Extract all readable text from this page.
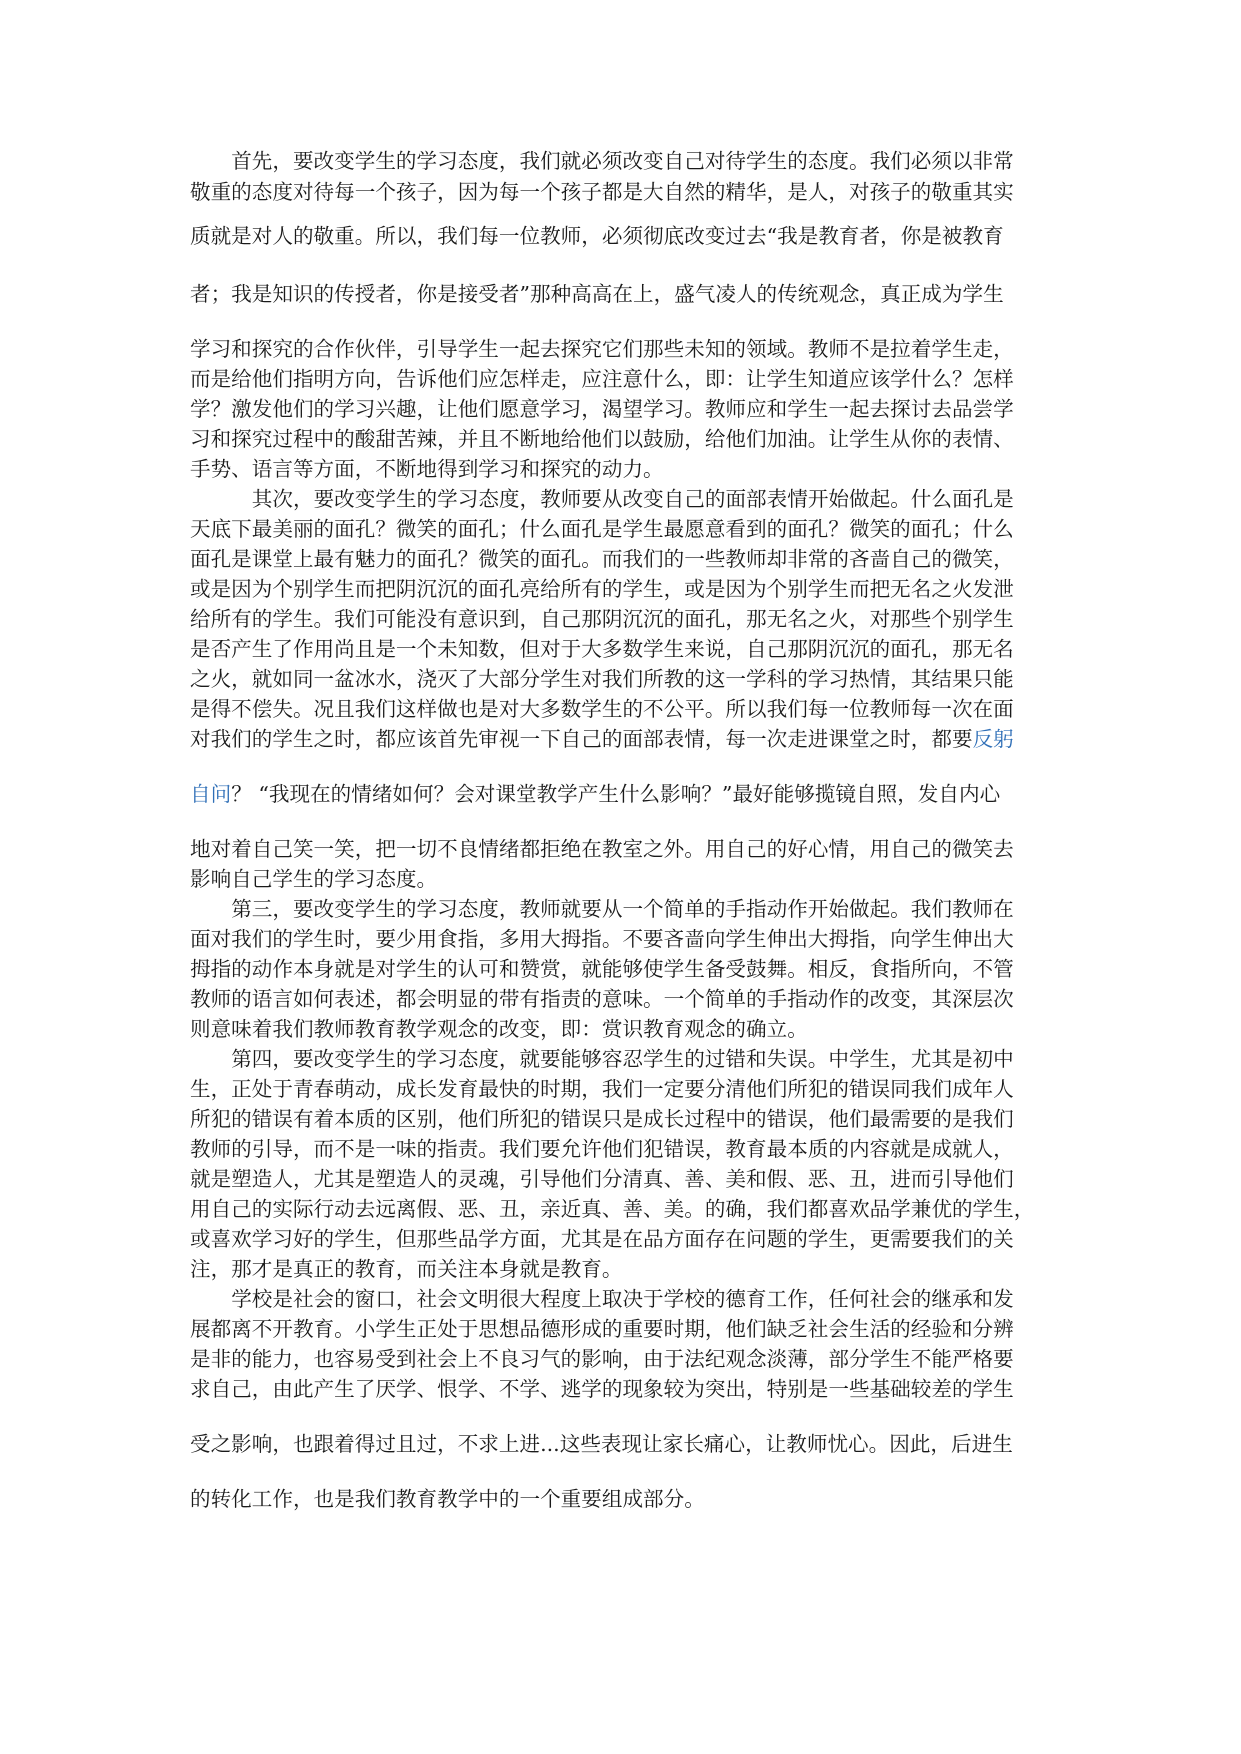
首先，要改变学生的学习态度，我们就必须改变自己对待学生的态度。我们必须以非常
敬重的态度对待每一个孩子，因为每一个孩子都是大自然的精华，是人，对孩子的敬重其实
质就是对人的敬重。所以，我们每一位教师，必须彻底改变过去“我是教育者，你是被教育
者；我是知识的传授者，你是接受者”那种高高在上，盛气凌人的传统观念，真正成为学生
学习和探究的合作伙伴，引导学生一起去探究它们那些未知的领域。教师不是拉着学生走，
而是给他们指明方向，告诉他们应怎样走，应注意什么，即：让学生知道应该学什么？怎样
学？激发他们的学习兴趣，让他们愿意学习，渴望学习。教师应和学生一起去探讨去品尝学
习和探究过程中的酸甜苦辣，并且不断地给他们以鼓励，给他们加油。让学生从你的表情、
手势、语言等方面，不断地得到学习和探究的动力。
其次，要改变学生的学习态度，教师要从改变自己的面部表情开始做起。什么面孔是
天底下最美丽的面孔？微笑的面孔；什么面孔是学生最愿意看到的面孔？微笑的面孔；什么
面孔是课堂上最有魅力的面孔？微笑的面孔。而我们的一些教师却非常的吝啬自己的微笑，
或是因为个别学生而把阴沉沉的面孔亮给所有的学生，或是因为个别学生而把无名之火发泄
给所有的学生。我们可能没有意识到，自己那阴沉沉的面孔，那无名之火，对那些个别学生
是否产生了作用尚且是一个未知数，但对于大多数学生来说，自己那阴沉沉的面孔，那无名
之火，就如同一盆冰水，浇灭了大部分学生对我们所教的这一学科的学习热情，其结果只能
是得不偿失。况且我们这样做也是对大多数学生的不公平。所以我们每一位教师每一次在面
对我们的学生之时，都应该首先审视一下自己的面部表情，每一次走进课堂之时，都要反躬
自问？ “我现在的情绪如何？会对课堂教学产生什么影响？”最好能够揽镜自照，发自内心
地对着自己笑一笑，把一切不良情绪都拒绝在教室之外。用自己的好心情，用自己的微笑去
影响自己学生的学习态度。
第三，要改变学生的学习态度，教师就要从一个简单的手指动作开始做起。我们教师在
面对我们的学生时，要少用食指，多用大拇指。不要吝啬向学生伸出大拇指，向学生伸出大
拇指的动作本身就是对学生的认可和赞赏，就能够使学生备受鼓舞。相反，食指所向，不管
教师的语言如何表述，都会明显的带有指责的意味。一个简单的手指动作的改变，其深层次
则意味着我们教师教育教学观念的改变，即：赏识教育观念的确立。
第四，要改变学生的学习态度，就要能够容忍学生的过错和失误。中学生，尤其是初中
生，正处于青春萌动，成长发育最快的时期，我们一定要分清他们所犯的错误同我们成年人
所犯的错误有着本质的区别，他们所犯的错误只是成长过程中的错误，他们最需要的是我们
教师的引导，而不是一味的指责。我们要允许他们犯错误，教育最本质的内容就是成就人，
就是塑造人，尤其是塑造人的灵魂，引导他们分清真、善、美和假、恶、丑，进而引导他们
用自己的实际行动去远离假、恶、丑，亲近真、善、美。的确，我们都喜欢品学兼优的学生，
或喜欢学习好的学生，但那些品学方面，尤其是在品方面存在问题的学生，更需要我们的关
注，那才是真正的教育，而关注本身就是教育。
学校是社会的窗口，社会文明很大程度上取决于学校的德育工作，任何社会的继承和发
展都离不开教育。小学生正处于思想品德形成的重要时期，他们缺乏社会生活的经验和分辨
是非的能力，也容易受到社会上不良习气的影响，由于法纪观念淡薄，部分学生不能严格要
求自己，由此产生了厌学、恨学、不学、逃学的现象较为突出，特别是一些基础较差的学生
受之影响，也跟着得过且过，不求上进...这些表现让家长痛心，让教师忧心。因此，后进生
的转化工作，也是我们教育教学中的一个重要组成部分。
